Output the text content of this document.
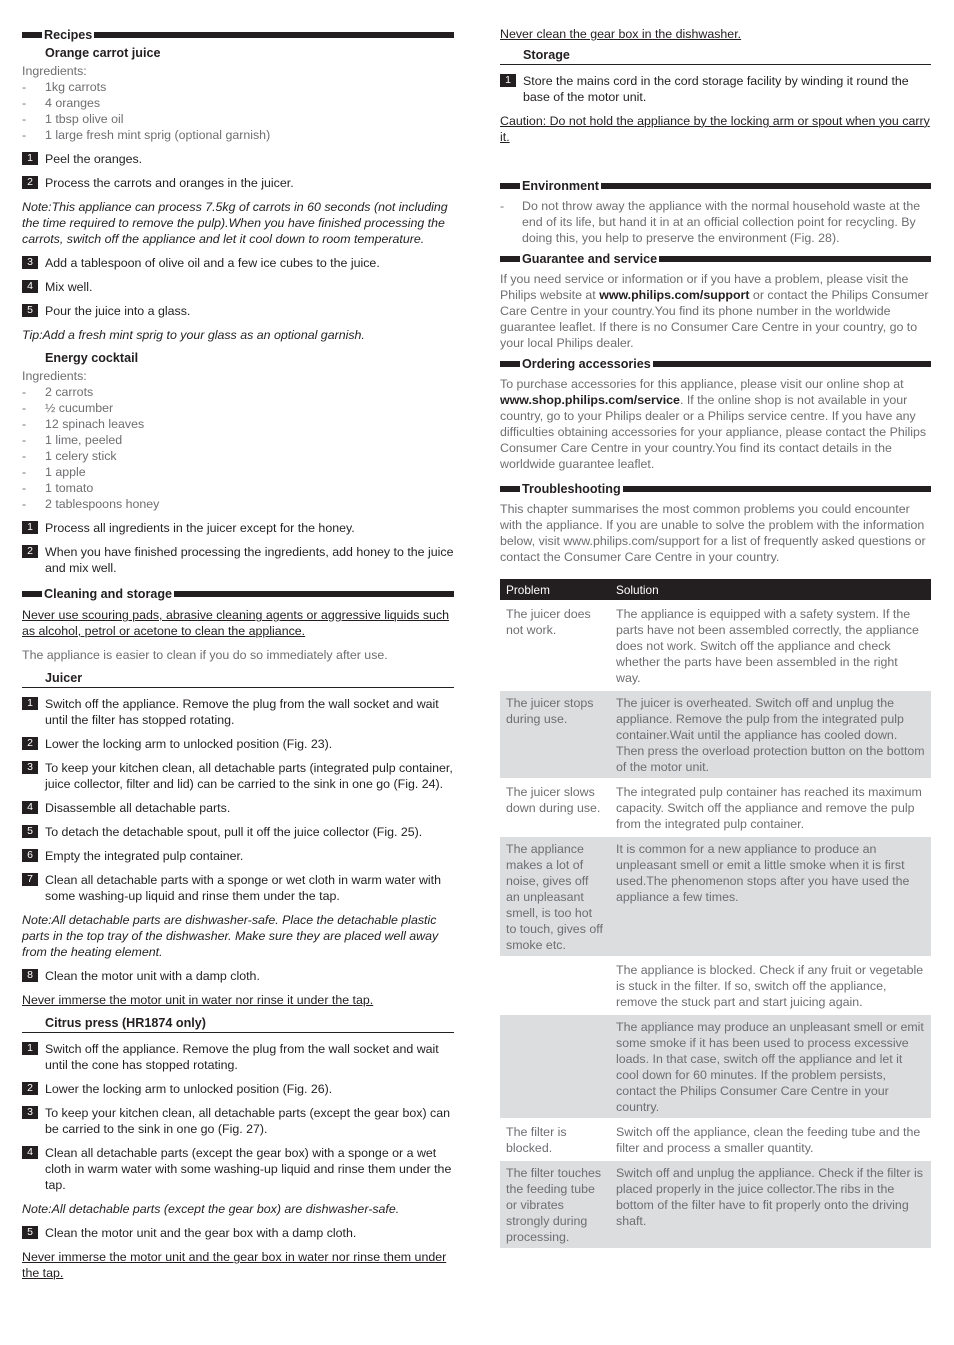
Recipes
Orange carrot juice
Ingredients:
-	1kg carrots
-	4 oranges
-	1 tbsp olive oil
-	1 large fresh mint sprig (optional garnish)
1 Peel the oranges.
2 Process the carrots and oranges in the juicer.
Note:This appliance can process 7.5kg of carrots in 60 seconds (not including the time required to remove the pulp).When you have finished processing the carrots, switch off the appliance and let it cool down to room temperature.
3 Add a tablespoon of olive oil and a few ice cubes to the juice.
4 Mix well.
5 Pour the juice into a glass.
Tip:Add a fresh mint sprig to your glass as an optional garnish.
Energy cocktail
Ingredients:
-	2 carrots
-	½ cucumber
-	12 spinach leaves
-	1 lime, peeled
-	1 celery stick
-	1 apple
-	1 tomato
-	2 tablespoons honey
1 Process all ingredients in the juicer except for the honey.
2 When you have finished processing the ingredients, add honey to the juice and mix well.
Cleaning and storage
Never use scouring pads, abrasive cleaning agents or aggressive liquids such as alcohol, petrol or acetone to clean the appliance.
The appliance is easier to clean if you do so immediately after use.
Juicer
1 Switch off the appliance. Remove the plug from the wall socket and wait until the filter has stopped rotating.
2 Lower the locking arm to unlocked position (Fig. 23).
3 To keep your kitchen clean, all detachable parts (integrated pulp container, juice collector, filter and lid) can be carried to the sink in one go (Fig. 24).
4 Disassemble all detachable parts.
5 To detach the detachable spout, pull it off the juice collector (Fig. 25).
6 Empty the integrated pulp container.
7 Clean all detachable parts with a sponge or wet cloth in warm water with some washing-up liquid and rinse them under the tap.
Note:All detachable parts are dishwasher-safe. Place the detachable plastic parts in the top tray of the dishwasher. Make sure they are placed well away from the heating element.
8 Clean the motor unit with a damp cloth.
Never immerse the motor unit in water nor rinse it under the tap.
Citrus press (HR1874 only)
1 Switch off the appliance. Remove the plug from the wall socket and wait until the cone has stopped rotating.
2 Lower the locking arm to unlocked position (Fig. 26).
3 To keep your kitchen clean, all detachable parts (except the gear box) can be carried to the sink in one go (Fig. 27).
4 Clean all detachable parts (except the gear box) with a sponge or a wet cloth in warm water with some washing-up liquid and rinse them under the tap.
Note:All detachable parts (except the gear box) are dishwasher-safe.
5 Clean the motor unit and the gear box with a damp cloth.
Never immerse the motor unit and the gear box in water nor rinse them under the tap.
Never clean the gear box in the dishwasher.
Storage
1 Store the mains cord in the cord storage facility by winding it round the base of the motor unit.
Caution: Do not hold the appliance by the locking arm or spout when you carry it.
Environment
-	Do not throw away the appliance with the normal household waste at the end of its life, but hand it in at an official collection point for recycling. By doing this, you help to preserve the environment (Fig. 28).
Guarantee and service
If you need service or information or if you have a problem, please visit the Philips website at www.philips.com/support or contact the Philips Consumer Care Centre in your country.You find its phone number in the worldwide guarantee leaflet. If there is no Consumer Care Centre in your country, go to your local Philips dealer.
Ordering accessories
To purchase accessories for this appliance, please visit our online shop at www.shop.philips.com/service. If the online shop is not available in your country, go to your Philips dealer or a Philips service centre. If you have any difficulties obtaining accessories for your appliance, please contact the Philips Consumer Care Centre in your country.You find its contact details in the worldwide guarantee leaflet.
Troubleshooting
This chapter summarises the most common problems you could encounter with the appliance. If you are unable to solve the problem with the information below, visit www.philips.com/support for a list of frequently asked questions or contact the Consumer Care Centre in your country.
Problem	Solution
The juicer does not work.	The appliance is equipped with a safety system. If the parts have not been assembled correctly, the appliance does not work. Switch off the appliance and check whether the parts have been assembled in the right way.
The juicer stops during use.	The juicer is overheated. Switch off and unplug the appliance. Remove the pulp from the integrated pulp container.Wait until the appliance has cooled down. Then press the overload protection button on the bottom of the motor unit.
The juicer slows down during use.	The integrated pulp container has reached its maximum capacity. Switch off the appliance and remove the pulp from the integrated pulp container.
The appliance makes a lot of noise, gives off an unpleasant smell, is too hot to touch, gives off smoke etc.	It is common for a new appliance to produce an unpleasant smell or emit a little smoke when it is first used.The phenomenon stops after you have used the appliance a few times.
	The appliance is blocked. Check if any fruit or vegetable is stuck in the filter. If so, switch off the appliance, remove the stuck part and start juicing again.
	The appliance may produce an unpleasant smell or emit some smoke if it has been used to process excessive loads. In that case, switch off the appliance and let it cool down for 60 minutes. If the problem persists, contact the Philips Consumer Care Centre in your country.
The filter is blocked.	Switch off the appliance, clean the feeding tube and the filter and process a smaller quantity.
The filter touches the feeding tube or vibrates strongly during processing.	Switch off and unplug the appliance. Check if the filter is placed properly in the juice collector.The ribs in the bottom of the filter have to fit properly onto the driving shaft.
